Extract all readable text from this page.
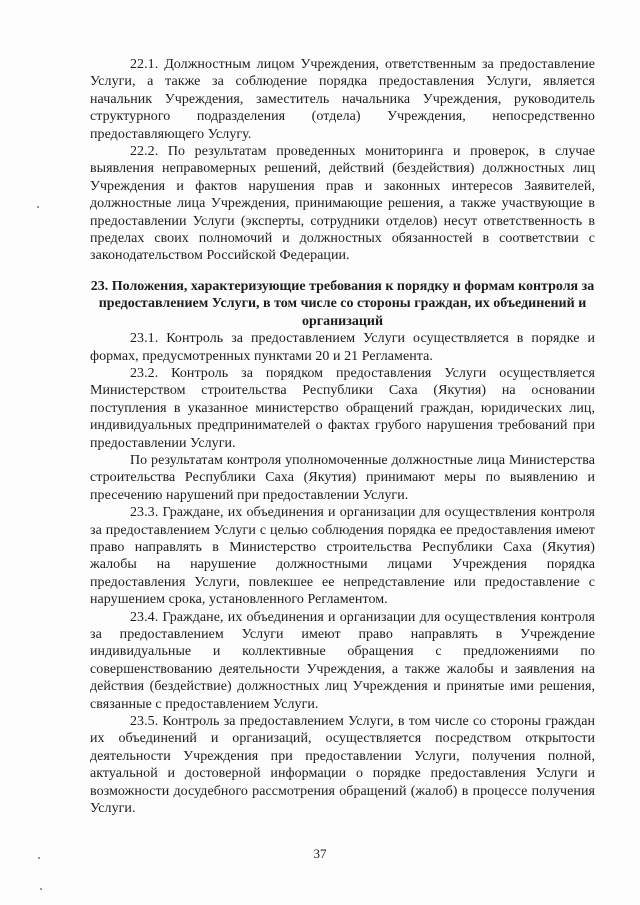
22.1. Должностным лицом Учреждения, ответственным за предоставление Услуги, а также за соблюдение порядка предоставления Услуги, является начальник Учреждения, заместитель начальника Учреждения, руководитель структурного подразделения (отдела) Учреждения, непосредственно предоставляющего Услугу.

22.2. По результатам проведенных мониторинга и проверок, в случае выявления неправомерных решений, действий (бездействия) должностных лиц Учреждения и фактов нарушения прав и законных интересов Заявителей, должностные лица Учреждения, принимающие решения, а также участвующие в предоставлении Услуги (эксперты, сотрудники отделов) несут ответственность в пределах своих полномочий и должностных обязанностей в соответствии с законодательством Российской Федерации.

23. Положения, характеризующие требования к порядку и формам контроля за предоставлением Услуги, в том числе со стороны граждан, их объединений и организаций

23.1. Контроль за предоставлением Услуги осуществляется в порядке и формах, предусмотренных пунктами 20 и 21 Регламента.

23.2. Контроль за порядком предоставления Услуги осуществляется Министерством строительства Республики Саха (Якутия) на основании поступления в указанное министерство обращений граждан, юридических лиц, индивидуальных предпринимателей о фактах грубого нарушения требований при предоставлении Услуги.

По результатам контроля уполномоченные должностные лица Министерства строительства Республики Саха (Якутия) принимают меры по выявлению и пресечению нарушений при предоставлении Услуги.

23.3. Граждане, их объединения и организации для осуществления контроля за предоставлением Услуги с целью соблюдения порядка ее предоставления имеют право направлять в Министерство строительства Республики Саха (Якутия) жалобы на нарушение должностными лицами Учреждения порядка предоставления Услуги, повлекшее ее непредставление или предоставление с нарушением срока, установленного Регламентом.

23.4. Граждане, их объединения и организации для осуществления контроля за предоставлением Услуги имеют право направлять в Учреждение индивидуальные и коллективные обращения с предложениями по совершенствованию деятельности Учреждения, а также жалобы и заявления на действия (бездействие) должностных лиц Учреждения и принятые ими решения, связанные с предоставлением Услуги.

23.5. Контроль за предоставлением Услуги, в том числе со стороны граждан их объединений и организаций, осуществляется посредством открытости деятельности Учреждения при предоставлении Услуги, получения полной, актуальной и достоверной информации о порядке предоставления Услуги и возможности досудебного рассмотрения обращений (жалоб) в процессе получения Услуги.

37
